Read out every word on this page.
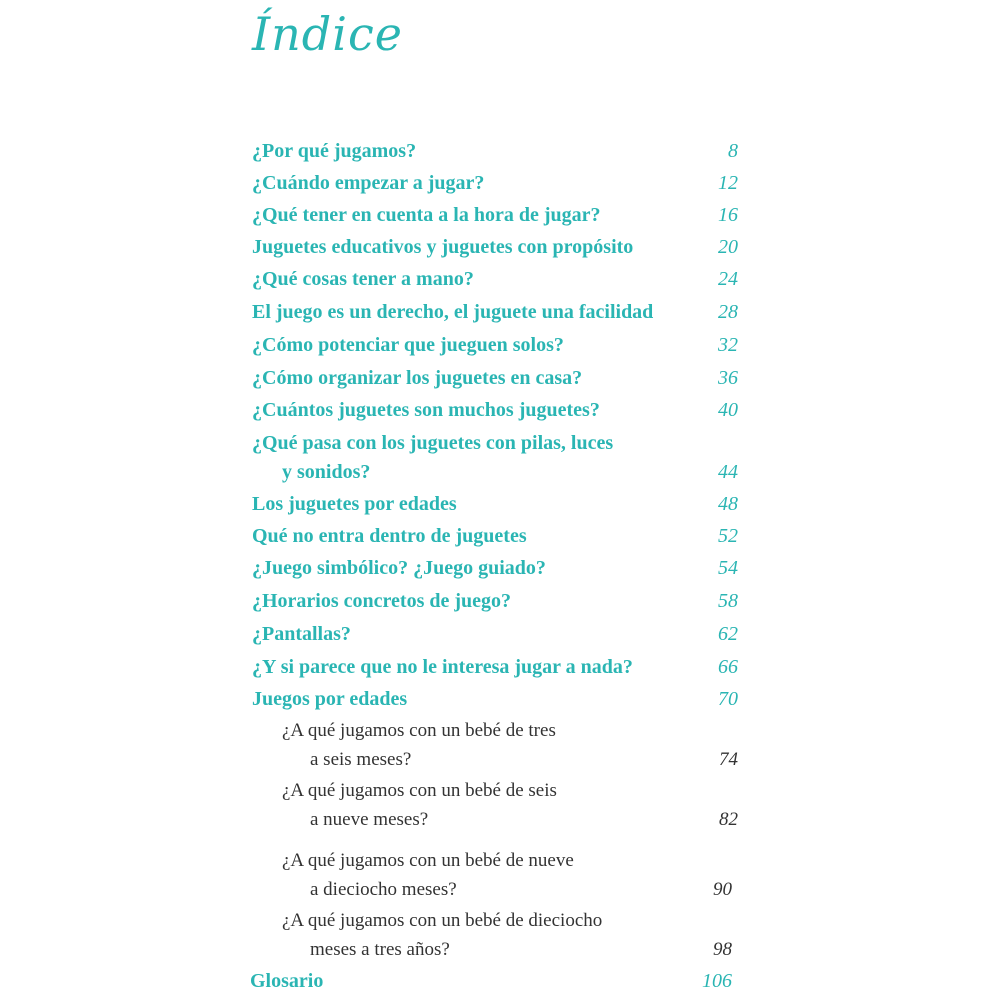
Índice
¿Por qué jugamos?	8
¿Cuándo empezar a jugar?	12
¿Qué tener en cuenta a la hora de jugar?	16
Juguetes educativos y juguetes con propósito	20
¿Qué cosas tener a mano?	24
El juego es un derecho, el juguete una facilidad	28
¿Cómo potenciar que jueguen solos?	32
¿Cómo organizar los juguetes en casa?	36
¿Cuántos juguetes son muchos juguetes?	40
¿Qué pasa con los juguetes con pilas, luces
y sonidos?	44
Los juguetes por edades	48
Qué no entra dentro de juguetes	52
¿Juego simbólico? ¿Juego guiado?	54
¿Horarios concretos de juego?	58
¿Pantallas?	62
¿Y si parece que no le interesa jugar a nada?	66
Juegos por edades	70
¿A qué jugamos con un bebé de tres
a seis meses?	74
¿A qué jugamos con un bebé de seis
a nueve meses?	82
¿A qué jugamos con un bebé de nueve
a dieciocho meses?	90
¿A qué jugamos con un bebé de dieciocho
meses a tres años?	98
Glosario	106
